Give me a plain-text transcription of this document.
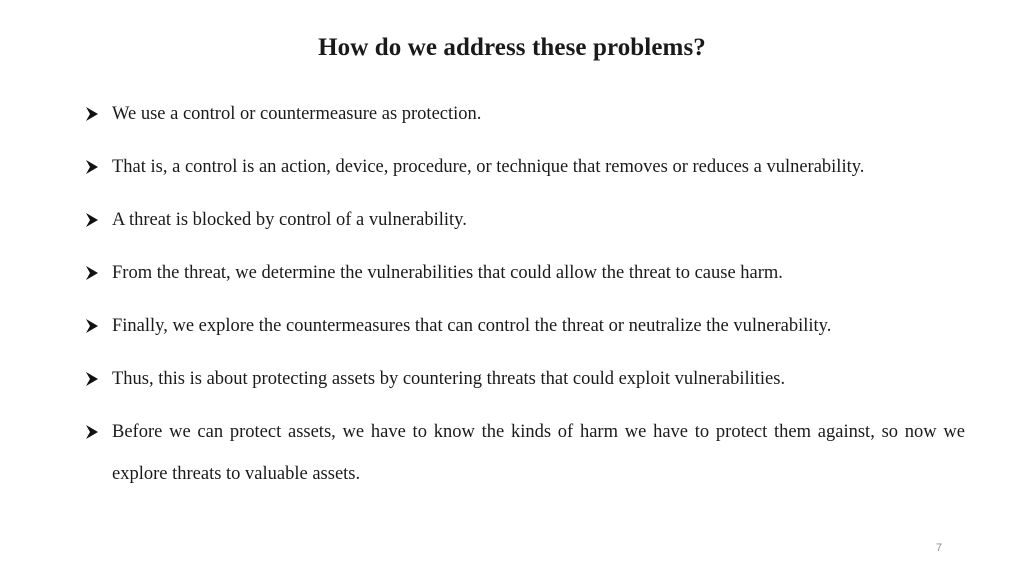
How do we address these problems?
We use a control or countermeasure as protection.
That is, a control is an action, device, procedure, or technique that removes or reduces a vulnerability.
A threat is blocked by control of a vulnerability.
From the threat, we determine the vulnerabilities that could allow the threat to cause harm.
Finally, we explore the countermeasures that can control the threat or neutralize the vulnerability.
Thus, this is about protecting assets by countering threats that could exploit vulnerabilities.
Before we can protect assets, we have to know the kinds of harm we have to protect them against, so now we explore threats to valuable assets.
7
